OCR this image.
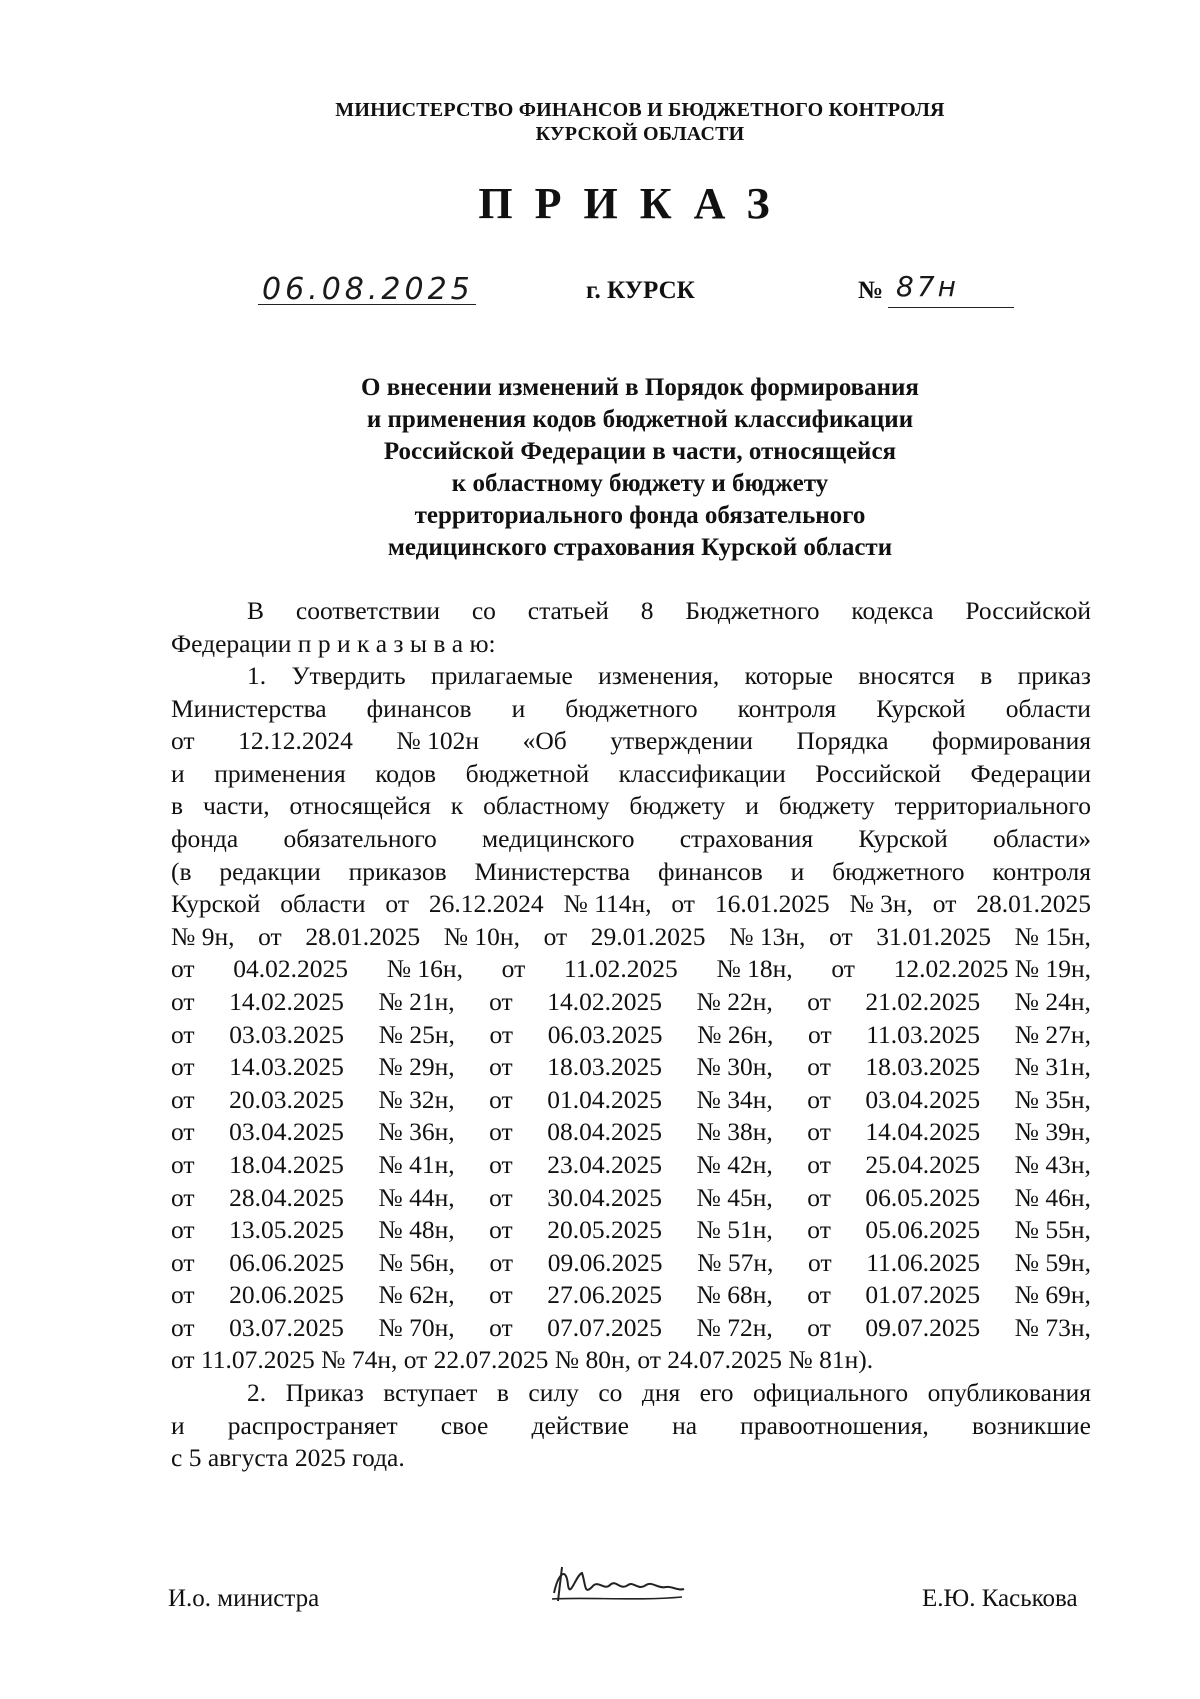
МИНИСТЕРСТВО ФИНАНСОВ И БЮДЖЕТНОГО КОНТРОЛЯ
КУРСКОЙ ОБЛАСТИ
ПРИКАЗ
06.08.2025	г. КУРСК	№ 87н
О внесении изменений в Порядок формирования
и применения кодов бюджетной классификации
Российской Федерации в части, относящейся
к областному бюджету и бюджету
территориального фонда обязательного
медицинского страхования Курской области
В соответствии со статьей 8 Бюджетного кодекса Российской
Федерации п р и к а з ы в а ю:
1. Утвердить прилагаемые изменения, которые вносятся в приказ
Министерства финансов и бюджетного контроля Курской области
от 12.12.2024 № 102н «Об утверждении Порядка формирования
и применения кодов бюджетной классификации Российской Федерации
в части, относящейся к областному бюджету и бюджету территориального
фонда обязательного медицинского страхования Курской области»
(в редакции приказов Министерства финансов и бюджетного контроля
Курской области от 26.12.2024 № 114н, от 16.01.2025 № 3н, от 28.01.2025
№ 9н, от 28.01.2025 № 10н, от 29.01.2025 № 13н, от 31.01.2025 № 15н,
от 04.02.2025 № 16н, от 11.02.2025 № 18н, от 12.02.2025 № 19н,
от 14.02.2025 № 21н, от 14.02.2025 № 22н, от 21.02.2025 № 24н,
от 03.03.2025 № 25н, от 06.03.2025 № 26н, от 11.03.2025 № 27н,
от 14.03.2025 № 29н, от 18.03.2025 № 30н, от 18.03.2025 № 31н,
от 20.03.2025 № 32н, от 01.04.2025 № 34н, от 03.04.2025 № 35н,
от 03.04.2025 № 36н, от 08.04.2025 № 38н, от 14.04.2025 № 39н,
от 18.04.2025 № 41н, от 23.04.2025 № 42н, от 25.04.2025 № 43н,
от 28.04.2025 № 44н, от 30.04.2025 № 45н, от 06.05.2025 № 46н,
от 13.05.2025 № 48н, от 20.05.2025 № 51н, от 05.06.2025 № 55н,
от 06.06.2025 № 56н, от 09.06.2025 № 57н, от 11.06.2025 № 59н,
от 20.06.2025 № 62н, от 27.06.2025 № 68н, от 01.07.2025 № 69н,
от 03.07.2025 № 70н, от 07.07.2025 № 72н, от 09.07.2025 № 73н,
от 11.07.2025 № 74н, от 22.07.2025 № 80н, от 24.07.2025 № 81н).
2. Приказ вступает в силу со дня его официального опубликования
и распространяет свое действие на правоотношения, возникшие
с 5 августа 2025 года.
И.о. министра	Е.Ю. Каськова
